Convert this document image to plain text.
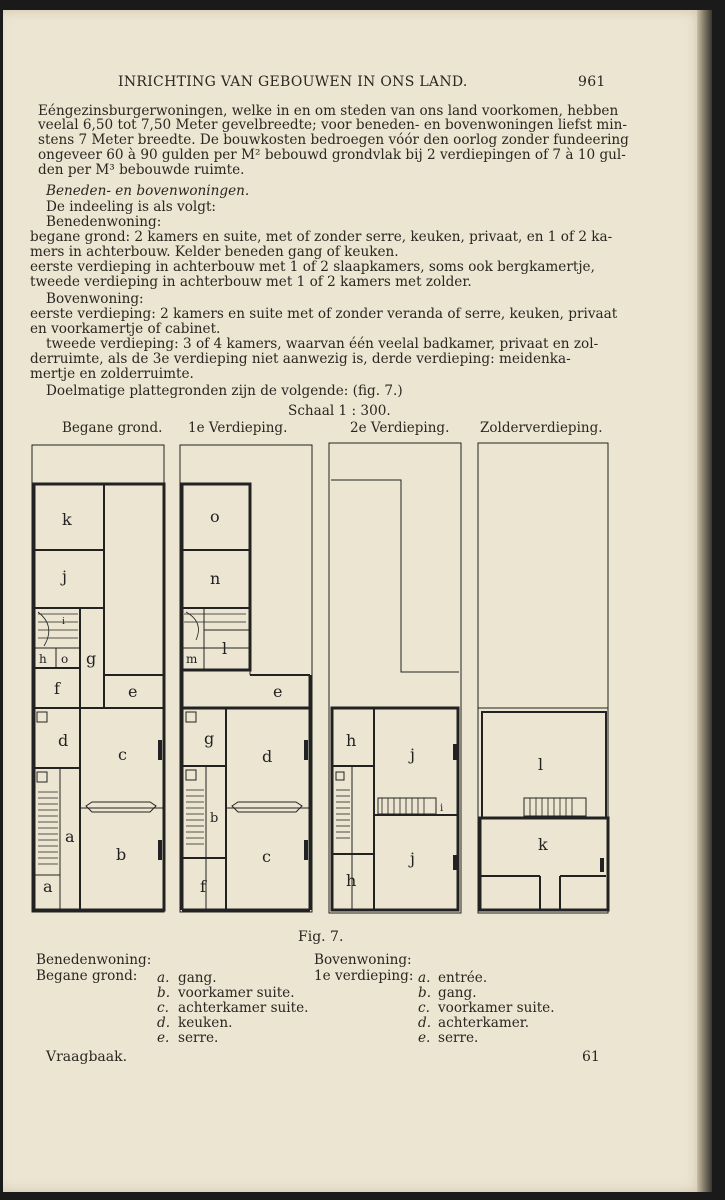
INRICHTING VAN GEBOUWEN IN ONS LAND.	961
Eéngezinsburgerwoningen, welke in en om steden van ons land voorkomen, hebben
veelal 6,50 tot 7,50 Meter gevelbreedte; voor beneden- en bovenwoningen liefst min-
stens 7 Meter breedte. De bouwkosten bedroegen vóór den oorlog zonder fundeering
ongeveer 60 à 90 gulden per M² bebouwd grondvlak bij 2 verdiepingen of 7 à 10 gul-
den per M³ bebouwde ruimte.
Beneden- en bovenwoningen.
De indeeling is als volgt:
Benedenwoning:
begane grond: 2 kamers en suite, met of zonder serre, keuken, privaat, en 1 of 2 ka-
mers in achterbouw. Kelder beneden gang of keuken.
eerste verdieping in achterbouw met 1 of 2 slaapkamers, soms ook bergkamertje,
tweede verdieping in achterbouw met 1 of 2 kamers met zolder.
Bovenwoning:
eerste verdieping: 2 kamers en suite met of zonder veranda of serre, keuken, privaat
en voorkamertje of cabinet.
tweede verdieping: 3 of 4 kamers, waarvan één veelal badkamer, privaat en zol-
derruimte, als de 3e verdieping niet aanwezig is, derde verdieping: meidenka-
mertje en zolderruimte.
Doelmatige plattegronden zijn de volgende: (fig. 7.)
Schaal 1 : 300.
Begane grond. 1e Verdieping.	2e Verdieping. Zolderverdieping.
k
j
i
h o g
f	e
d
c
a
b
a
o
n
l
m
e
g
d
b
c
f
h
j
i
j
h
l
k
Fig. 7.
Benedenwoning:
Begane grond: a. gang.
b. voorkamer suite.
c. achterkamer suite.
d. keuken.
e. serre.
Bovenwoning:
1e verdieping: a. entrée.
b. gang.
c. voorkamer suite.
d. achterkamer.
e. serre.
Vraagbaak.	61
